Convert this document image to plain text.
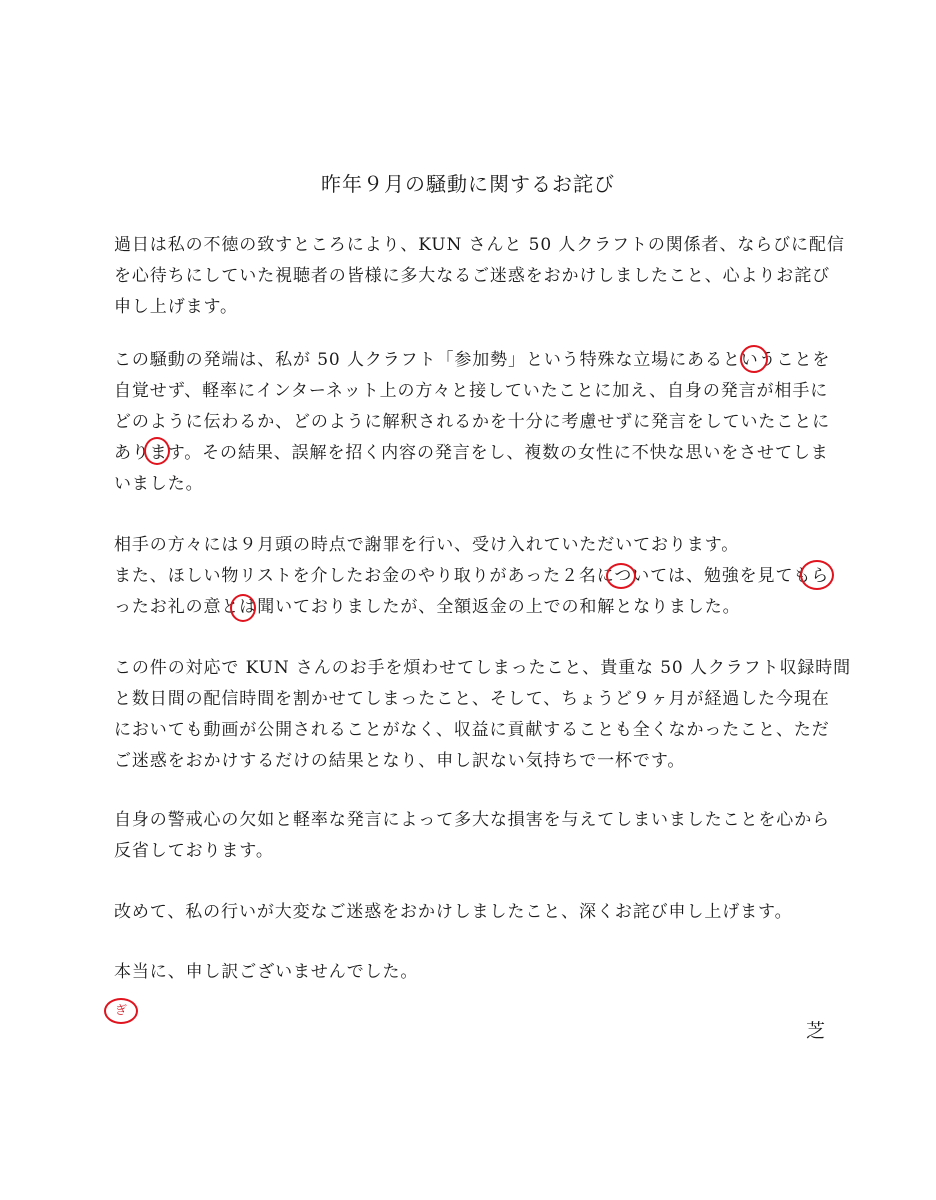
昨年９月の騒動に関するお詫び
過日は私の不徳の致すところにより、KUN さんと 50 人クラフトの関係者、ならびに配信
を心待ちにしていた視聴者の皆様に多大なるご迷惑をおかけしましたこと、心よりお詫び
申し上げます。
この騒動の発端は、私が 50 人クラフト「参加勢」という特殊な立場にあるということを
自覚せず、軽率にインターネット上の方々と接していたことに加え、自身の発言が相手に
どのように伝わるか、どのように解釈されるかを十分に考慮せずに発言をしていたことに
あります。その結果、誤解を招く内容の発言をし、複数の女性に不快な思いをさせてしま
いました。
相手の方々には９月頭の時点で謝罪を行い、受け入れていただいております。
また、ほしい物リストを介したお金のやり取りがあった２名については、勉強を見てもら
ったお礼の意とは聞いておりましたが、全額返金の上での和解となりました。
この件の対応で KUN さんのお手を煩わせてしまったこと、貴重な 50 人クラフト収録時間
と数日間の配信時間を割かせてしまったこと、そして、ちょうど９ヶ月が経過した今現在
においても動画が公開されることがなく、収益に貢献することも全くなかったこと、ただ
ご迷惑をおかけするだけの結果となり、申し訳ない気持ちで一杯です。
自身の警戒心の欠如と軽率な発言によって多大な損害を与えてしまいましたことを心から
反省しております。
改めて、私の行いが大変なご迷惑をおかけしましたこと、深くお詫び申し上げます。
本当に、申し訳ございませんでした。
芝
ぎ
